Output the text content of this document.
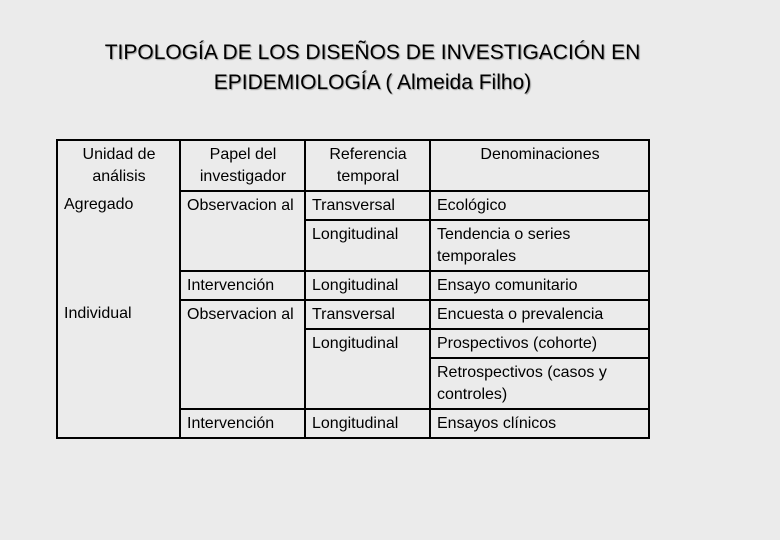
TIPOLOGÍA DE LOS DISEÑOS DE INVESTIGACIÓN EN
EPIDEMIOLOGÍA ( Almeida Filho)
Unidad de análisis	Papel del investigador	Referencia temporal	Denominaciones
Agregado	Observacion al	Transversal	Ecológico
		Longitudinal	Tendencia o series temporales
	Intervención	Longitudinal	Ensayo comunitario
Individual	Observacion al	Transversal	Encuesta o prevalencia
		Longitudinal	Prospectivos (cohorte)
			Retrospectivos (casos y controles)
	Intervención	Longitudinal	Ensayos clínicos
